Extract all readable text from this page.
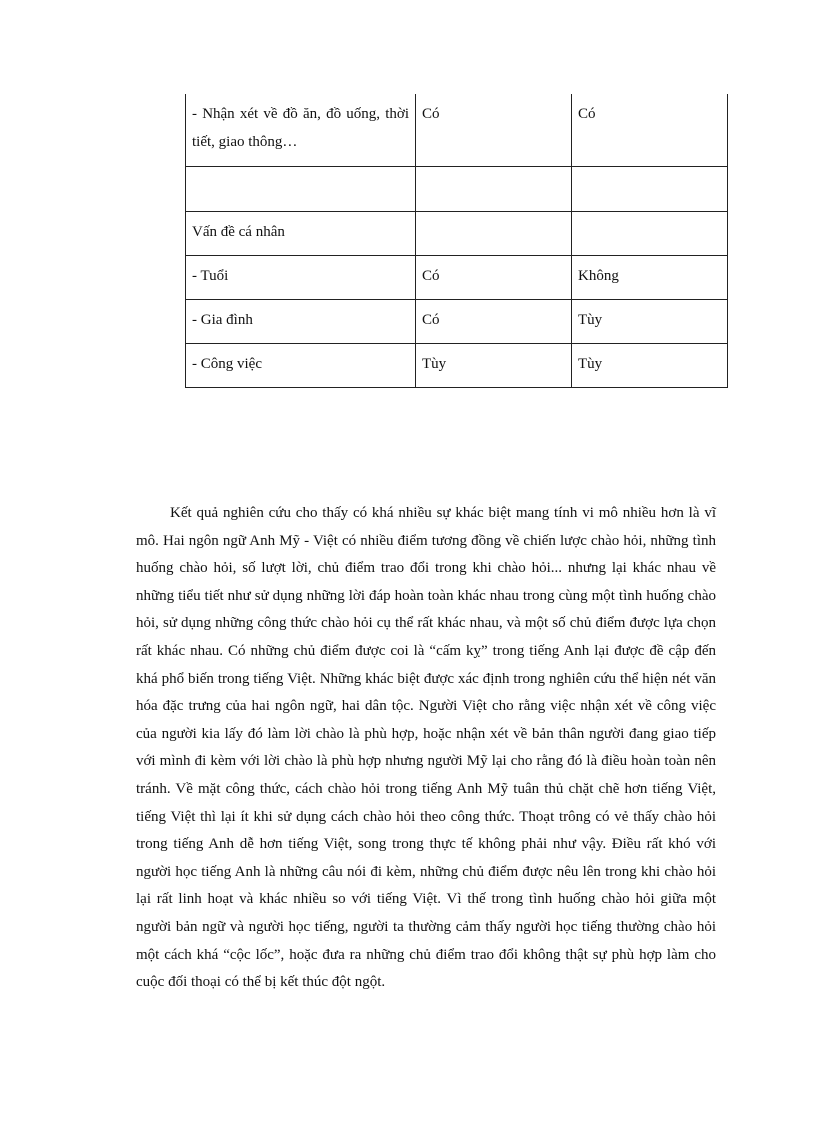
- Nhận xét về đồ ăn, đồ uống, thời tiết, giao thông…	Có	Có

Vấn đề cá nhân		
- Tuổi	Có	Không
- Gia đình	Có	Tùy
- Công việc	Tùy	Tùy

Kết quả nghiên cứu cho thấy có khá nhiều sự khác biệt mang tính vi mô nhiều hơn là vĩ mô. Hai ngôn ngữ Anh Mỹ - Việt có nhiều điểm tương đồng về chiến lược chào hỏi, những tình huống chào hỏi, số lượt lời, chủ điểm trao đổi trong khi chào hỏi... nhưng lại khác nhau về những tiểu tiết như sử dụng những lời đáp hoàn toàn khác nhau trong cùng một tình huống chào hỏi, sử dụng những công thức chào hỏi cụ thể rất khác nhau, và một số chủ điểm được lựa chọn rất khác nhau. Có những chủ điểm được coi là “cấm kỵ” trong tiếng Anh lại được đề cập đến khá phổ biến trong tiếng Việt. Những khác biệt được xác định trong nghiên cứu thể hiện nét văn hóa đặc trưng của hai ngôn ngữ, hai dân tộc. Người Việt cho rằng việc nhận xét về công việc của người kia lấy đó làm lời chào là phù hợp, hoặc nhận xét về bản thân người đang giao tiếp với mình đi kèm với lời chào là phù hợp nhưng người Mỹ lại cho rằng đó là điều hoàn toàn nên tránh. Về mặt công thức, cách chào hỏi trong tiếng Anh Mỹ tuân thủ chặt chẽ hơn tiếng Việt, tiếng Việt thì lại ít khi sử dụng cách chào hỏi theo công thức. Thoạt trông có vẻ thấy chào hỏi trong tiếng Anh dễ hơn tiếng Việt, song trong thực tế không phải như vậy. Điều rất khó với người học tiếng Anh là những câu nói đi kèm, những chủ điểm được nêu lên trong khi chào hỏi lại rất linh hoạt và khác nhiều so với tiếng Việt. Vì thế trong tình huống chào hỏi giữa một người bản ngữ và người học tiếng, người ta thường cảm thấy người học tiếng thường chào hỏi một cách khá “cộc lốc”, hoặc đưa ra những chủ điểm trao đổi không thật sự phù hợp làm cho cuộc đối thoại có thể bị kết thúc đột ngột.
